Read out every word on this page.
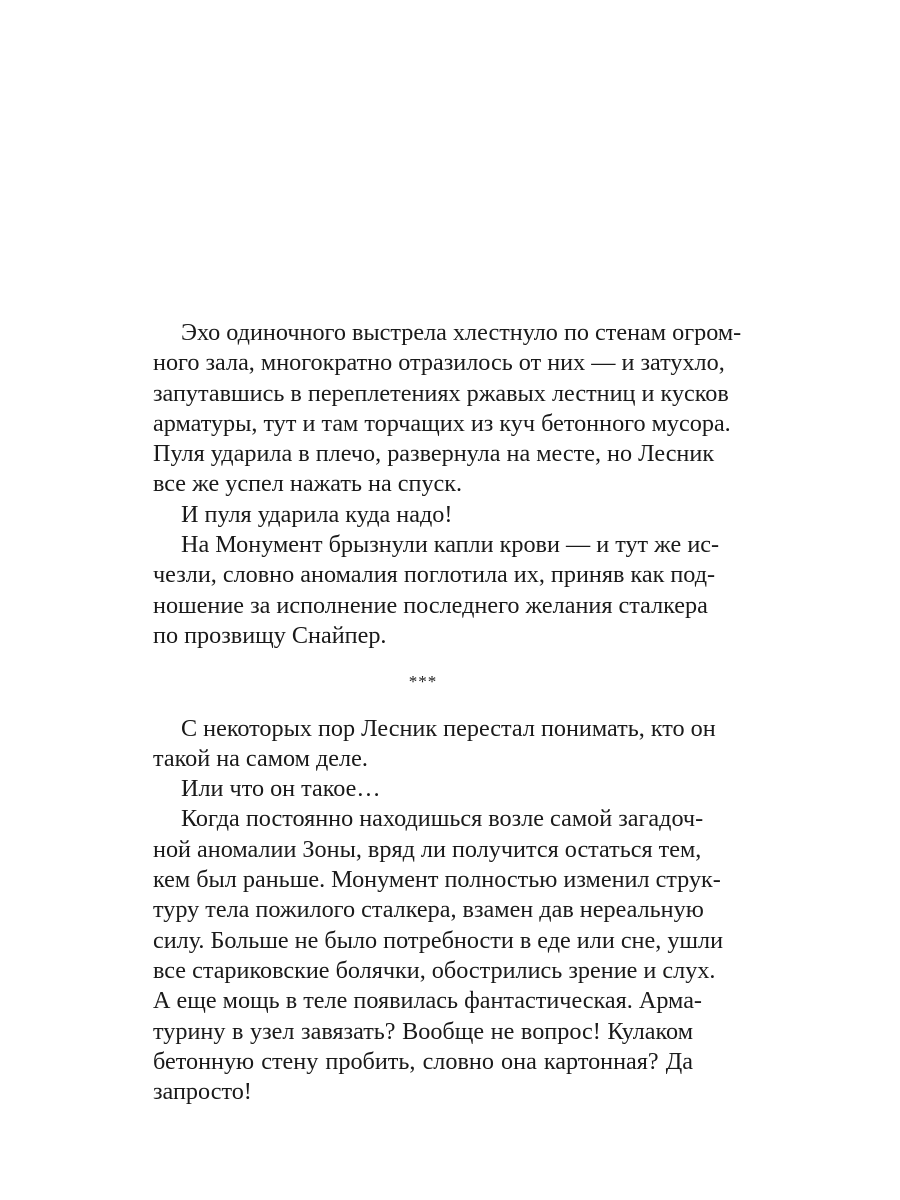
Эхо одиночного выстрела хлестнуло по стенам огром-
ного зала, многократно отразилось от них — и затухло,
запутавшись в переплетениях ржавых лестниц и кусков
арматуры, тут и там торчащих из куч бетонного мусора.
Пуля ударила в плечо, развернула на месте, но Лесник
все же успел нажать на спуск.
И пуля ударила куда надо!
На Монумент брызнули капли крови — и тут же ис-
чезли, словно аномалия поглотила их, приняв как под-
ношение за исполнение последнего желания сталкера
по прозвищу Снайпер.
***
С некоторых пор Лесник перестал понимать, кто он
такой на самом деле.
Или что он такое…
Когда постоянно находишься возле самой загадоч-
ной аномалии Зоны, вряд ли получится остаться тем,
кем был раньше. Монумент полностью изменил струк-
туру тела пожилого сталкера, взамен дав нереальную
силу. Больше не было потребности в еде или сне, ушли
все стариковские болячки, обострились зрение и слух.
А еще мощь в теле появилась фантастическая. Арма-
турину в узел завязать? Вообще не вопрос! Кулаком
бетонную стену пробить, словно она картонная? Да
запросто!
